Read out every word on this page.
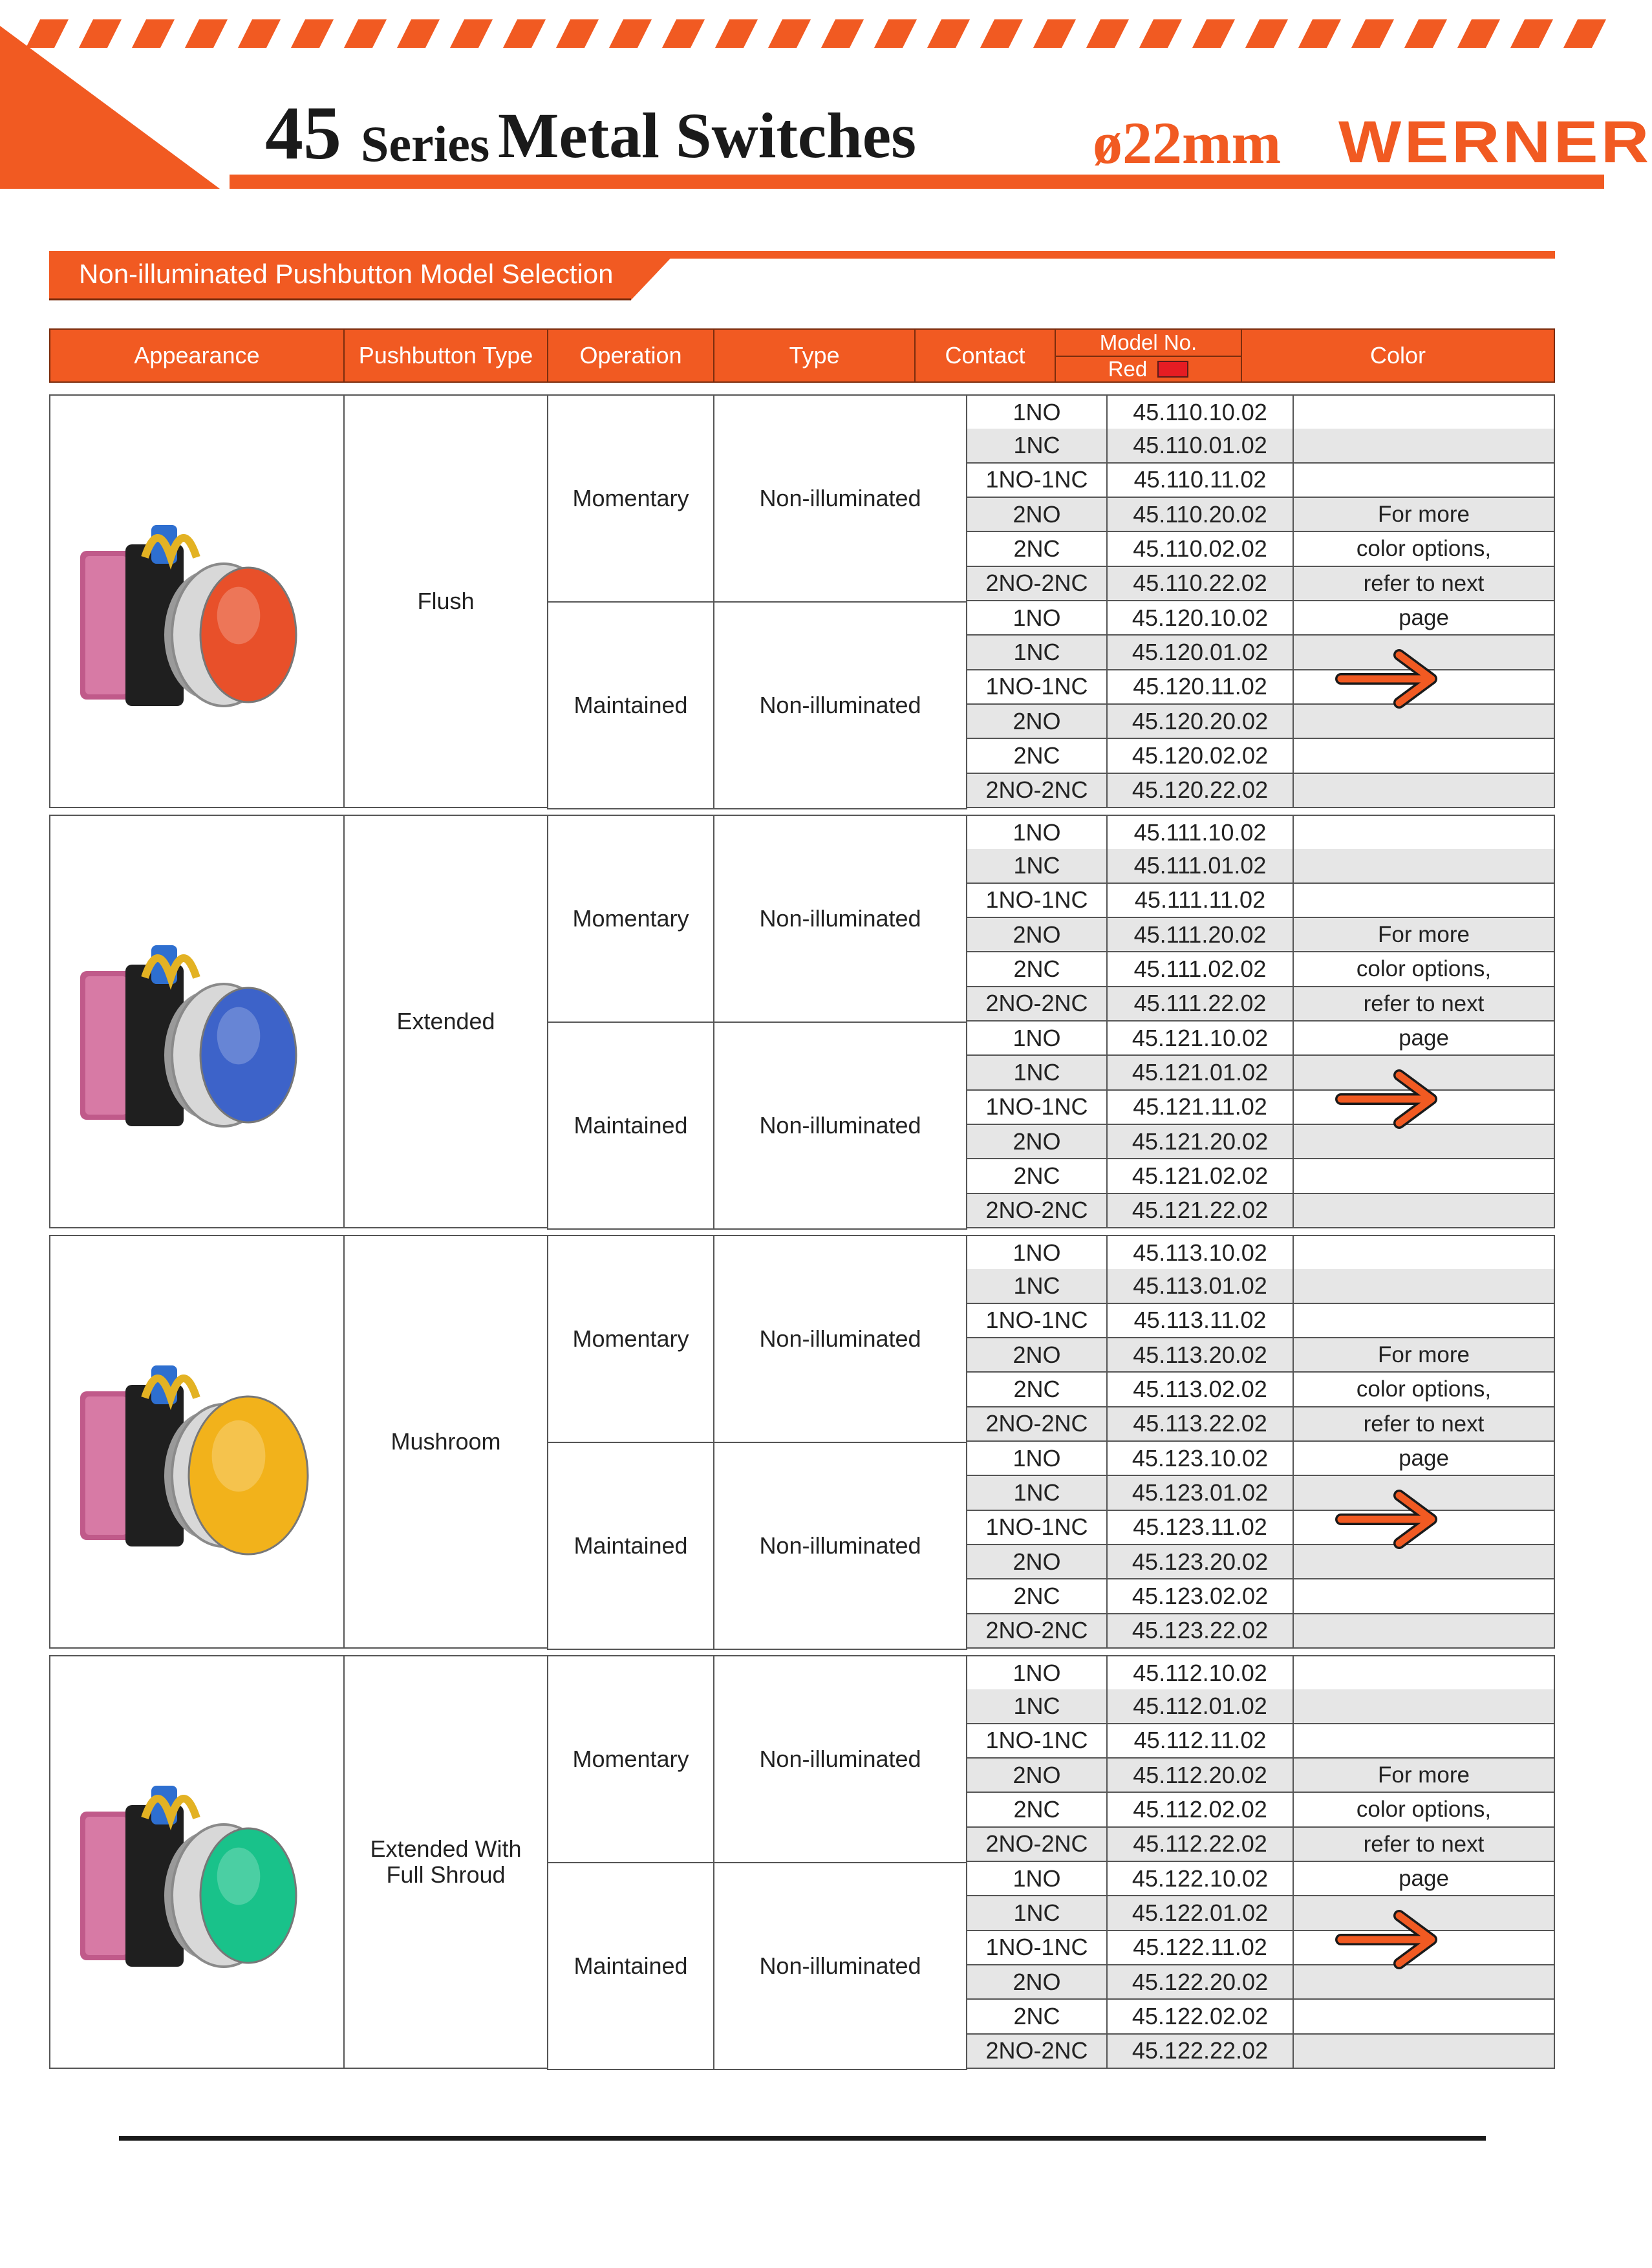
45 Series Metal Switches	ø22mm WERNER
Non-illuminated Pushbutton Model Selection
Appearance	Pushbutton Type	Operation	Type	Contact	Model No.
Red
Color
Flush
Momentary	Non-illuminated
1NO	45.110.10.02
1NC	45.110.01.02
1NO-1NC	45.110.11.02
2NO	45.110.20.02
2NC	45.110.02.02
2NO-2NC	45.110.22.02
Maintained	Non-illuminated
1NO	45.120.10.02
1NC	45.120.01.02
1NO-1NC	45.120.11.02
2NO	45.120.20.02
2NC	45.120.02.02
2NO-2NC	45.120.22.02
For more
color options,
refer to next
page
Extended
Momentary	Non-illuminated
1NO	45.111.10.02
1NC	45.111.01.02
1NO-1NC	45.111.11.02
2NO	45.111.20.02
2NC	45.111.02.02
2NO-2NC	45.111.22.02
Maintained	Non-illuminated
1NO	45.121.10.02
1NC	45.121.01.02
1NO-1NC	45.121.11.02
2NO	45.121.20.02
2NC	45.121.02.02
2NO-2NC	45.121.22.02
For more
color options,
refer to next
page
Mushroom
Momentary	Non-illuminated
1NO	45.113.10.02
1NC	45.113.01.02
1NO-1NC	45.113.11.02
2NO	45.113.20.02
2NC	45.113.02.02
2NO-2NC	45.113.22.02
Maintained	Non-illuminated
1NO	45.123.10.02
1NC	45.123.01.02
1NO-1NC	45.123.11.02
2NO	45.123.20.02
2NC	45.123.02.02
2NO-2NC	45.123.22.02
For more
color options,
refer to next
page
Extended With Full Shroud
Momentary	Non-illuminated
1NO	45.112.10.02
1NC	45.112.01.02
1NO-1NC	45.112.11.02
2NO	45.112.20.02
2NC	45.112.02.02
2NO-2NC	45.112.22.02
Maintained	Non-illuminated
1NO	45.122.10.02
1NC	45.122.01.02
1NO-1NC	45.122.11.02
2NO	45.122.20.02
2NC	45.122.02.02
2NO-2NC	45.122.22.02
For more
color options,
refer to next
page
